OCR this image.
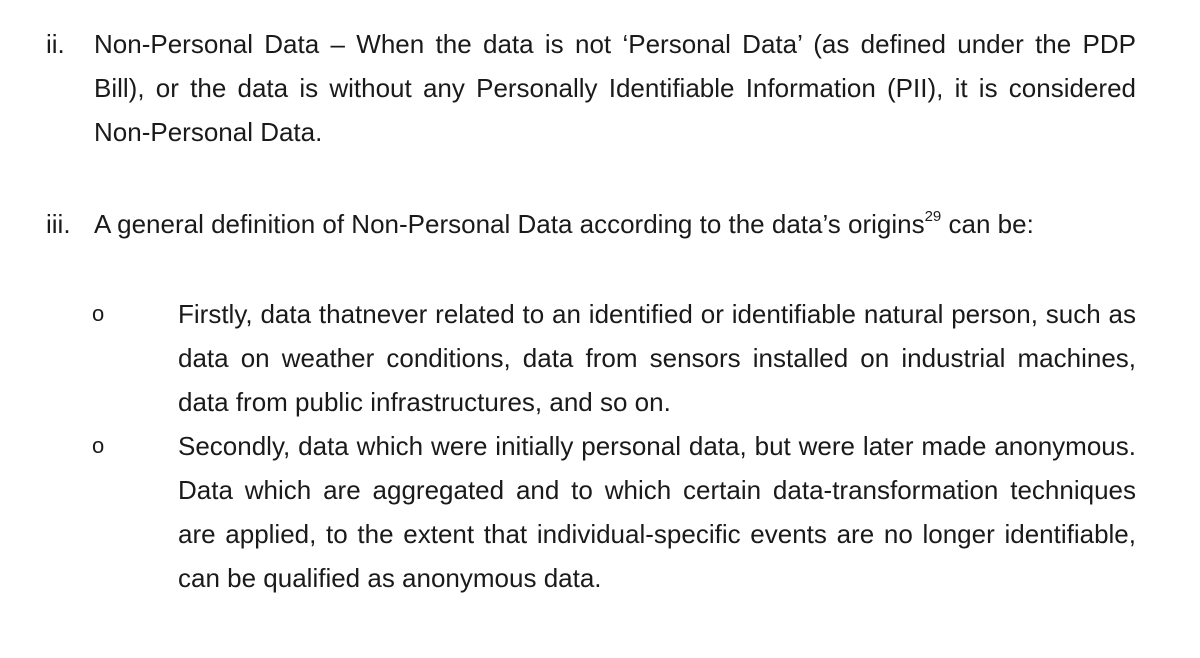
ii.	Non-Personal Data – When the data is not ‘Personal Data’ (as defined under the PDP Bill), or the data is without any Personally Identifiable Information (PII), it is considered Non-Personal Data.
iii. A general definition of Non-Personal Data according to the data’s origins$^{29}$ can be:
o	Firstly, data thatnever related to an identified or identifiable natural person, such as data on weather conditions, data from sensors installed on industrial machines, data from public infrastructures, and so on.
o	Secondly, data which were initially personal data, but were later made anonymous. Data which are aggregated and to which certain data-transformation techniques are applied, to the extent that individual-specific events are no longer identifiable, can be qualified as anonymous data.
